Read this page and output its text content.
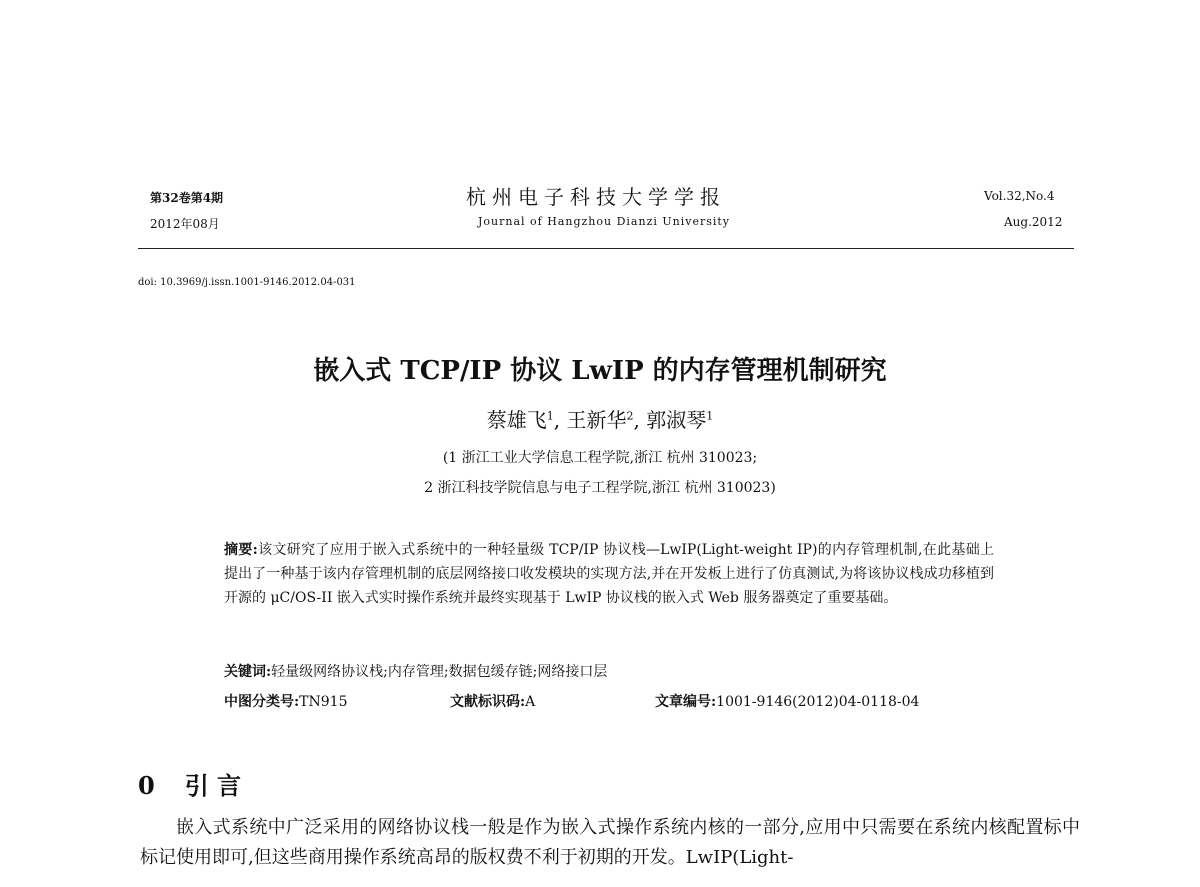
第32卷第4期
2012年08月
杭州电子科技大学学报
Journal of Hangzhou Dianzi University
Vol.32,No.4
Aug.2012
doi: 10.3969/j.issn.1001-9146.2012.04-031
嵌入式 TCP/IP 协议 LwIP 的内存管理机制研究
蔡雄飞$^1$, 王新华$^2$, 郭淑琴$^1$
(1 浙江工业大学信息工程学院,浙江 杭州 310023;
2 浙江科技学院信息与电子工程学院,浙江 杭州 310023)

摘要:该文研究了应用于嵌入式系统中的一种轻量级 TCP/IP 协议栈—LwIP(Light-weight IP)的内存管理机制,在此基础上提出了一种基于该内存管理机制的底层网络接口收发模块的实现方法,并在开发板上进行了仿真测试,为将该协议栈成功移植到开源的 μC/OS-II 嵌入式实时操作系统并最终实现基于 LwIP 协议栈的嵌入式 Web 服务器奠定了重要基础。

关键词:轻量级网络协议栈;内存管理;数据包缓存链;网络接口层
中图分类号:TN915	文献标识码:A	文章编号:1001-9146(2012)04-0118-04
0 引 言

嵌入式系统中广泛采用的网络协议栈一般是作为嵌入式操作系统内核的一部分,应用中只需要在系统内核配置标中标记使用即可,但这些商用操作系统高昂的版权费不利于初期的开发。LwIP(Light-
